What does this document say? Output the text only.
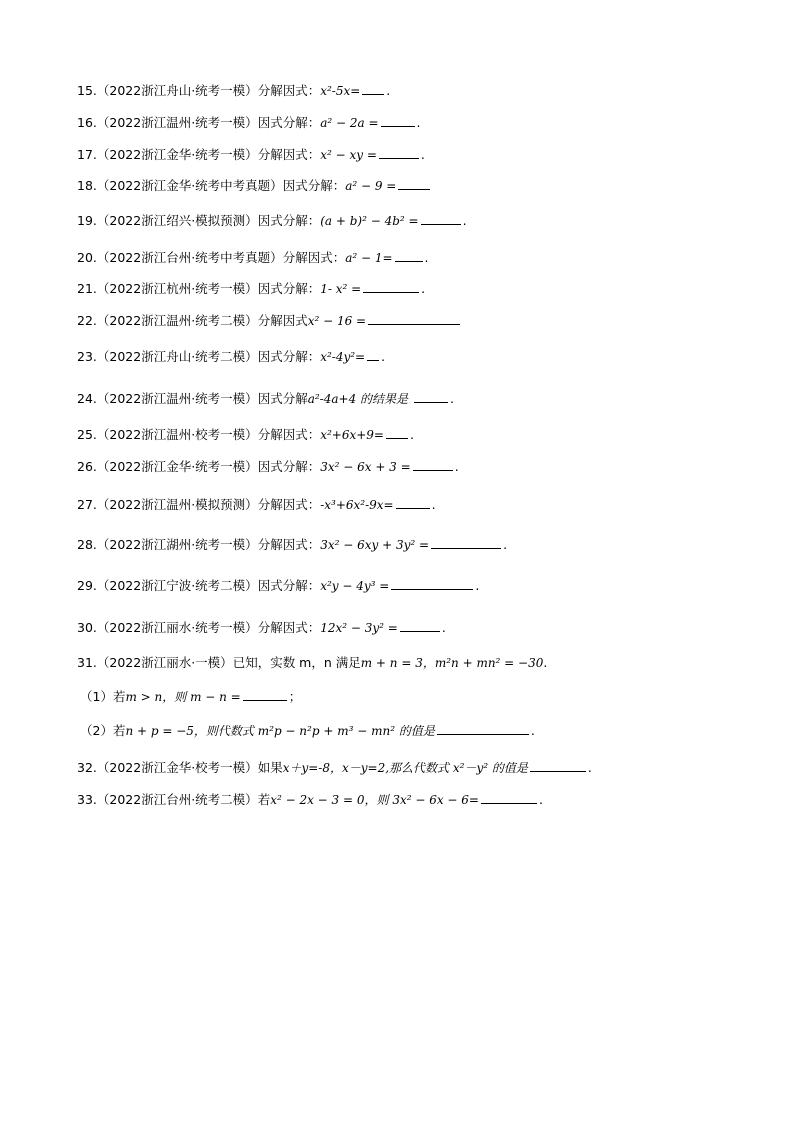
15.（2022浙江舟山·统考一模）分解因式：x²-5x= .
16.（2022浙江温州·统考一模）因式分解：a² − 2a =	.
17.（2022浙江金华·统考一模）分解因式：x² − xy =	.
18.（2022浙江金华·统考中考真题）因式分解：a² − 9 =
19.（2022浙江绍兴·模拟预测）因式分解：(a + b)² − 4b² =	.
20.（2022浙江台州·统考中考真题）分解因式：a² − 1=	.
21.（2022浙江杭州·统考一模）因式分解：1- x² =	.
22.（2022浙江温州·统考二模）分解因式x² − 16 =
23.（2022浙江舟山·统考二模）因式分解：x²-4y²= .
24.（2022浙江温州·统考一模）因式分解a²-4a+4 的结果是	.
25.（2022浙江温州·校考一模）分解因式：x²+6x+9= .
26.（2022浙江金华·统考一模）因式分解：3x² − 6x + 3 =	.
27.（2022浙江温州·模拟预测）分解因式：-x³+6x²-9x=	.
28.（2022浙江湖州·统考一模）分解因式：3x² − 6xy + 3y² =	.
29.（2022浙江宁波·统考二模）因式分解：x²y − 4y³ =	.
30.（2022浙江丽水·统考一模）分解因式：12x² − 3y² =	.
31.（2022浙江丽水·一模）已知，实数 m，n 满足m + n = 3，m²n + mn² = −30.
（1）若m > n，则 m − n =	；
（2）若n + p = −5，则代数式 m²p − n²p + m³ − mn² 的值是	.
32.（2022浙江金华·校考一模）如果x＋y=-8，x－y=2,那么代数式 x²－y² 的值是	.
33.（2022浙江台州·统考二模）若x² − 2x − 3 = 0，则 3x² − 6x − 6=	.
